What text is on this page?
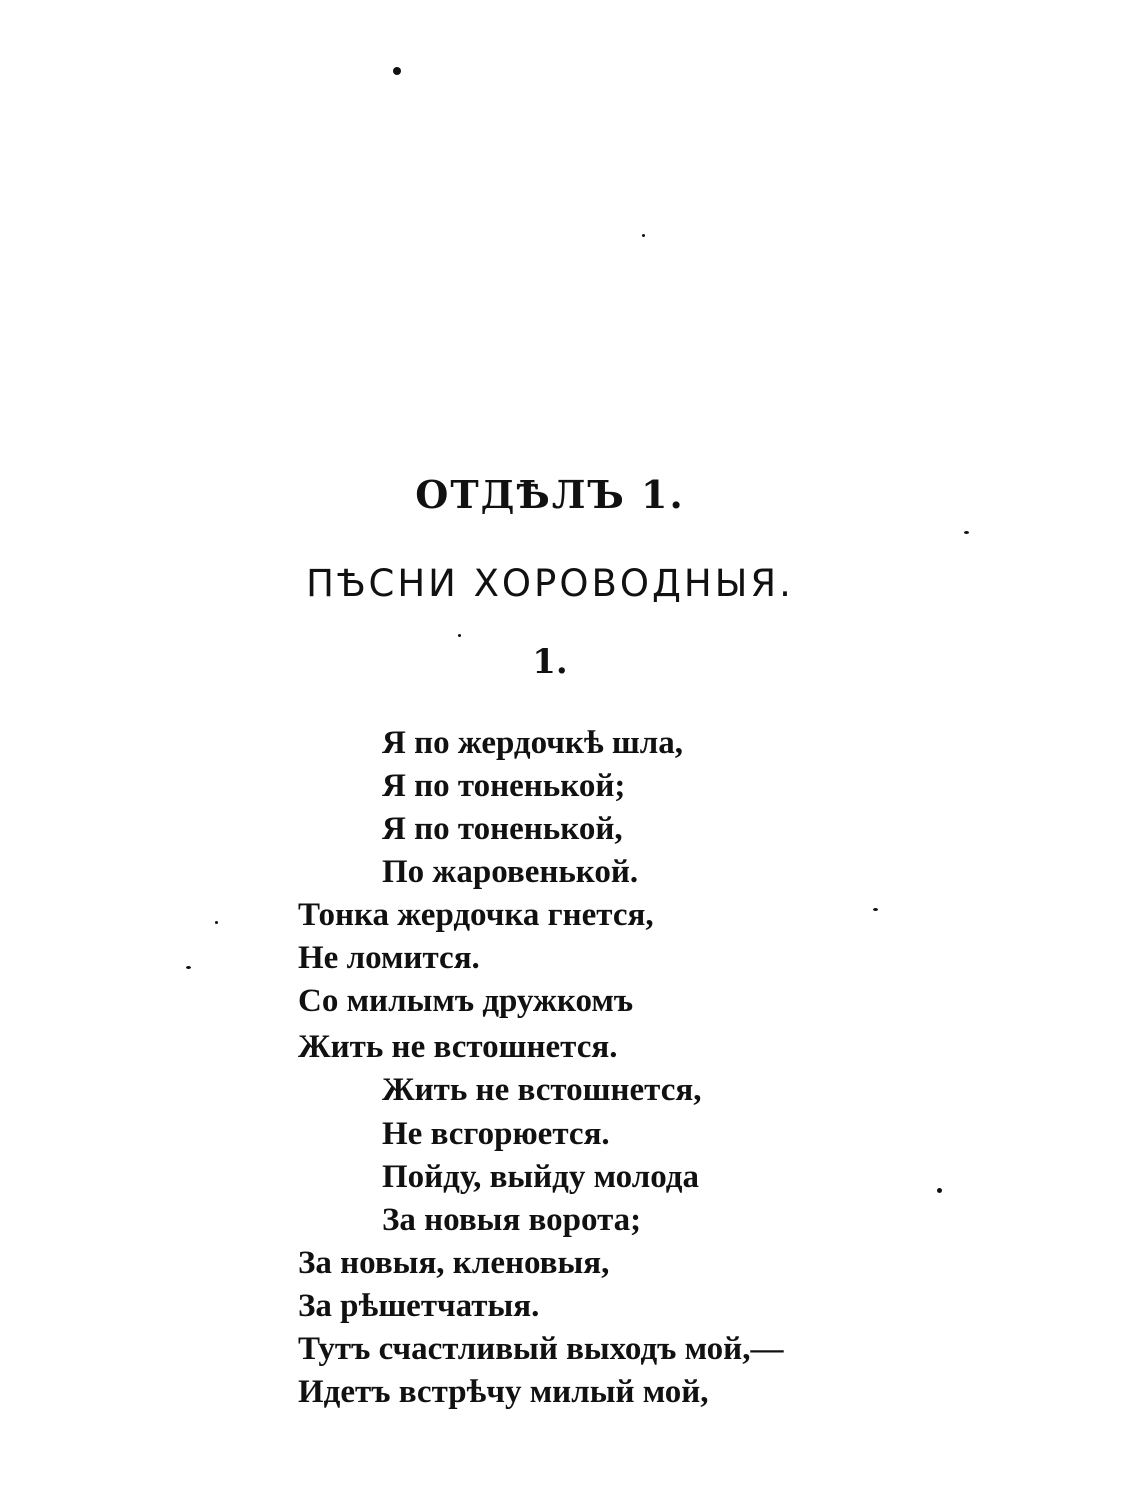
ОТДѢЛЪ 1.
ПѢСНИ ХОРОВОДНЫЯ.
1.
Я по жердочкѣ шла,
Я по тоненькой;
Я по тоненькой,
По жаровенькой.
Тонка жердочка гнется,
Не ломится.
Со милымъ дружкомъ
Жить не встошнется.
Жить не встошнется,
Не всгорюется.
Пойду, выйду молода
За новыя ворота;
За новыя, кленовыя,
За рѣшетчатыя.
Тутъ счастливый выходъ мой,—
Идетъ встрѣчу милый мой,
